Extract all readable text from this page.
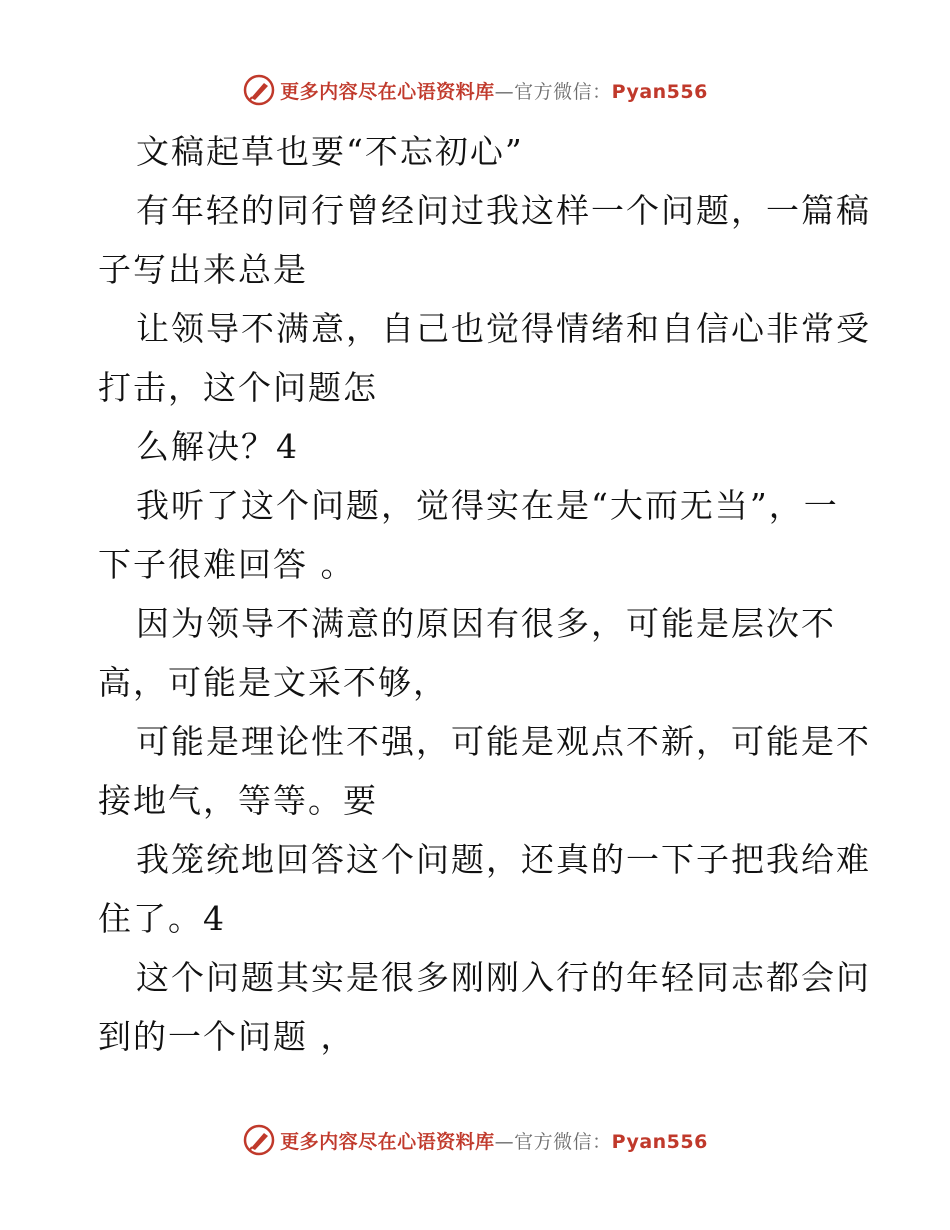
更多内容尽在心语资料库—官方微信：Pyan556
文稿起草也要“不忘初心”
有年轻的同行曾经问过我这样一个问题，一篇稿
子写出来总是
让领导不满意，自己也觉得情绪和自信心非常受
打击，这个问题怎
么解决？4
我听了这个问题，觉得实在是“大而无当”，一
下子很难回答 。
因为领导不满意的原因有很多，可能是层次不
高，可能是文采不够，
可能是理论性不强，可能是观点不新，可能是不
接地气，等等。要
我笼统地回答这个问题，还真的一下子把我给难
住了。4
这个问题其实是很多刚刚入行的年轻同志都会问
到的一个问题 ，
更多内容尽在心语资料库—官方微信：Pyan556
